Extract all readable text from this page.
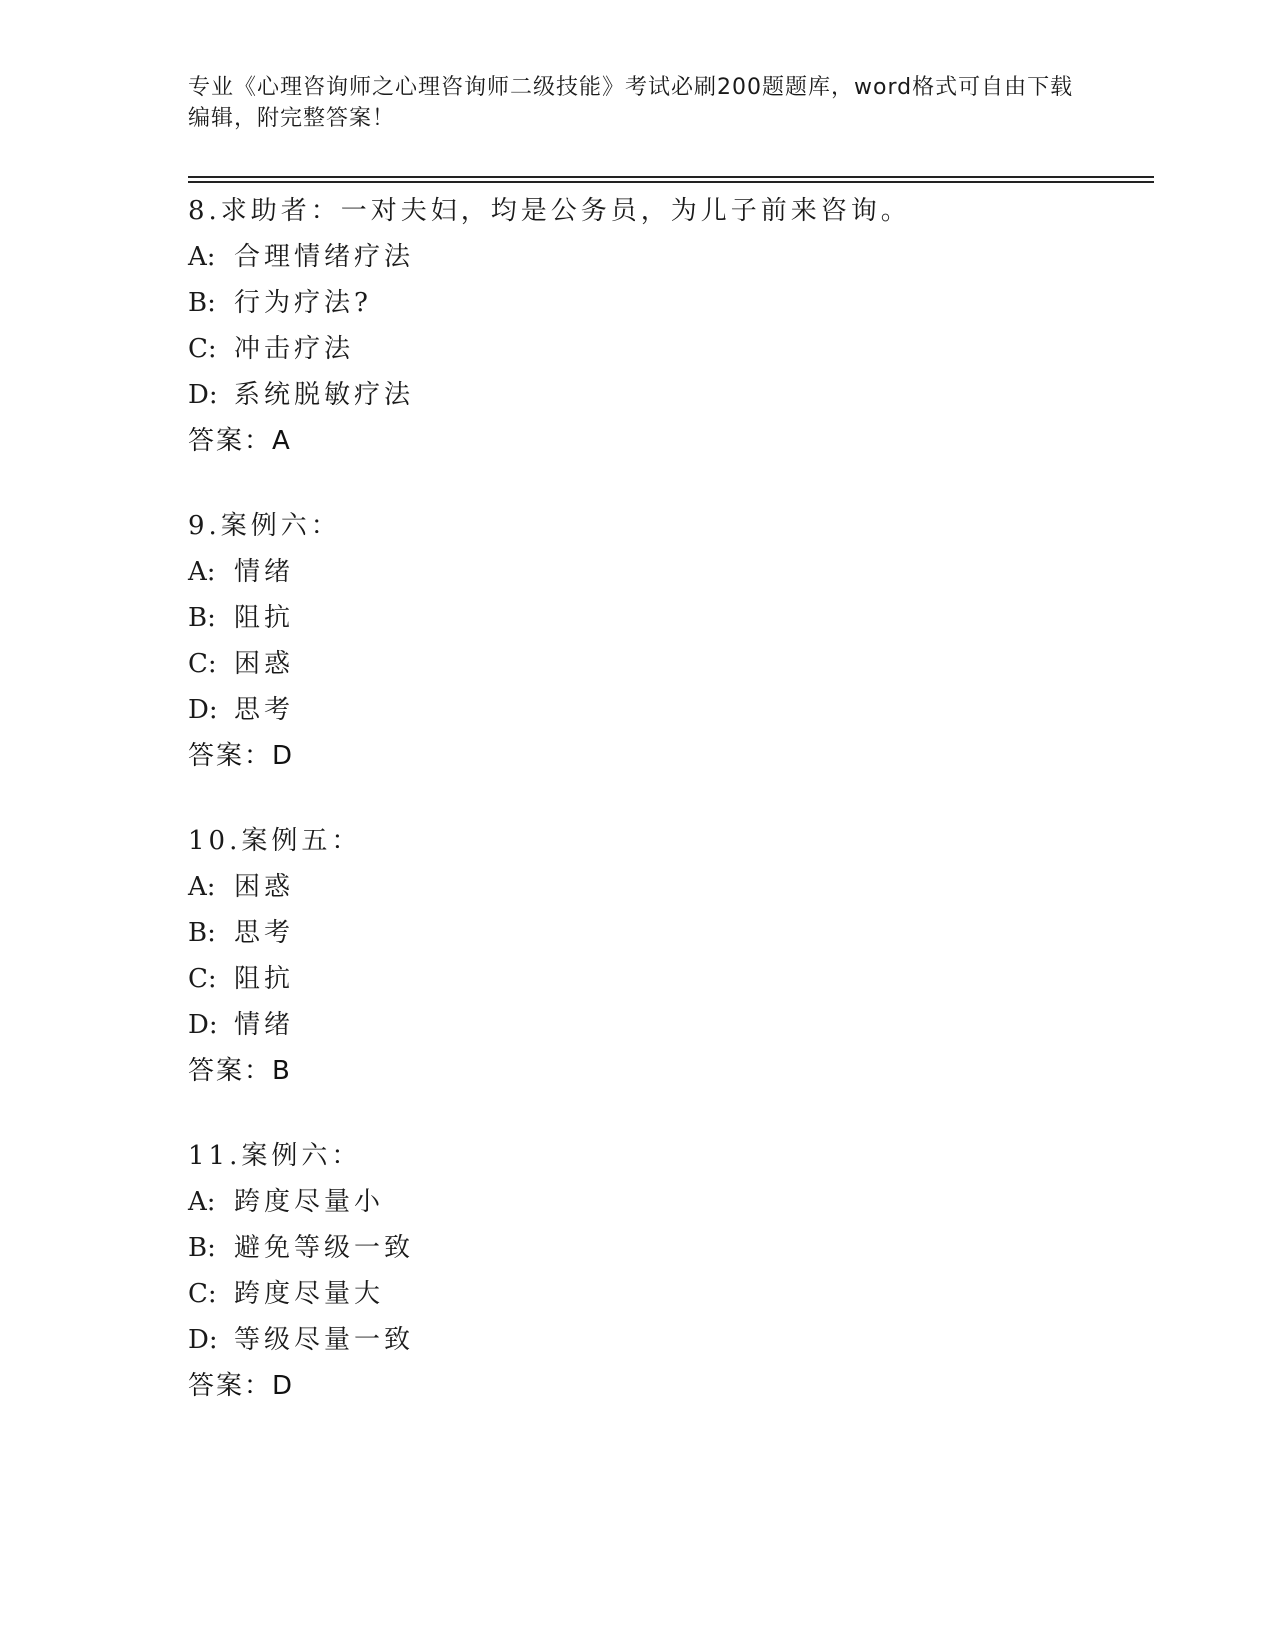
专业《心理咨询师之心理咨询师二级技能》考试必刷200题题库，word格式可自由下载编辑，附完整答案！
8.求助者：一对夫妇，均是公务员，为儿子前来咨询。
A: 合理情绪疗法
B: 行为疗法?
C: 冲击疗法
D: 系统脱敏疗法
答案：A
9.案例六：
A: 情绪
B: 阻抗
C: 困惑
D: 思考
答案：D
10.案例五：
A: 困惑
B: 思考
C: 阻抗
D: 情绪
答案：B
11.案例六：
A: 跨度尽量小
B: 避免等级一致
C: 跨度尽量大
D: 等级尽量一致
答案：D
